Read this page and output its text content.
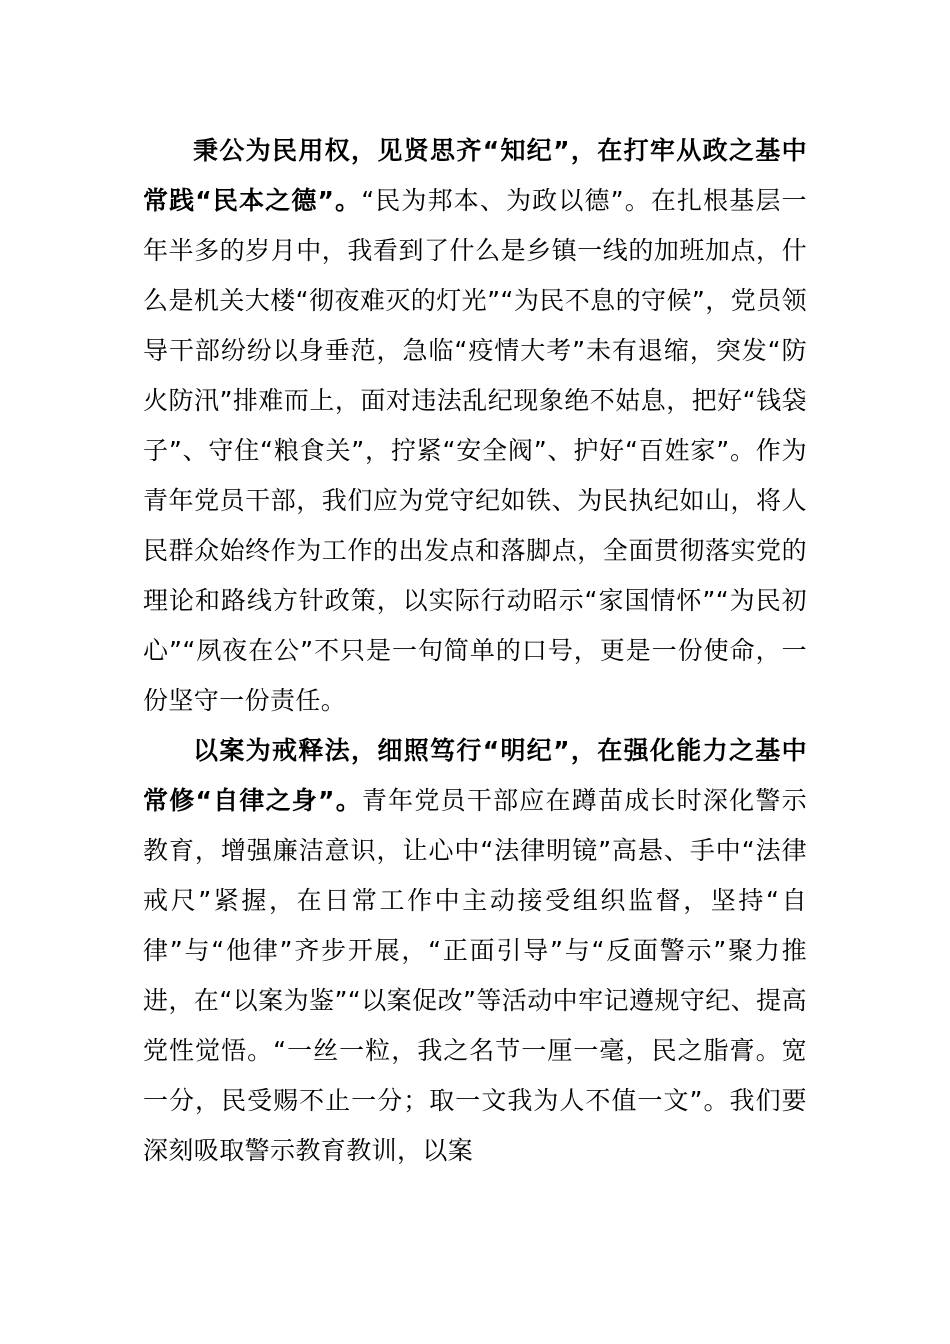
秉公为民用权，见贤思齐“知纪”，在打牢从政之基中常践“民本之德”。“民为邦本、为政以德”。在扎根基层一年半多的岁月中，我看到了什么是乡镇一线的加班加点，什么是机关大楼“彻夜难灭的灯光”“为民不息的守候”，党员领导干部纷纷以身垂范，急临“疫情大考”未有退缩，突发“防火防汛”排难而上，面对违法乱纪现象绝不姑息，把好“钱袋子”、守住“粮食关”，拧紧“安全阀”、护好“百姓家”。作为青年党员干部，我们应为党守纪如铁、为民执纪如山，将人民群众始终作为工作的出发点和落脚点，全面贯彻落实党的理论和路线方针政策，以实际行动昭示“家国情怀”“为民初心”“夙夜在公”不只是一句简单的口号，更是一份使命，一份坚守一份责任。

以案为戒释法，细照笃行“明纪”，在强化能力之基中常修“自律之身”。青年党员干部应在蹲苗成长时深化警示教育，增强廉洁意识，让心中“法律明镜”高悬、手中“法律戒尺”紧握，在日常工作中主动接受组织监督，坚持“自律”与“他律”齐步开展，“正面引导”与“反面警示”聚力推进，在“以案为鉴”“以案促改”等活动中牢记遵规守纪、提高党性觉悟。“一丝一粒，我之名节一厘一毫，民之脂膏。宽一分，民受赐不止一分；取一文我为人不值一文”。我们要深刻吸取警示教育教训，以案
